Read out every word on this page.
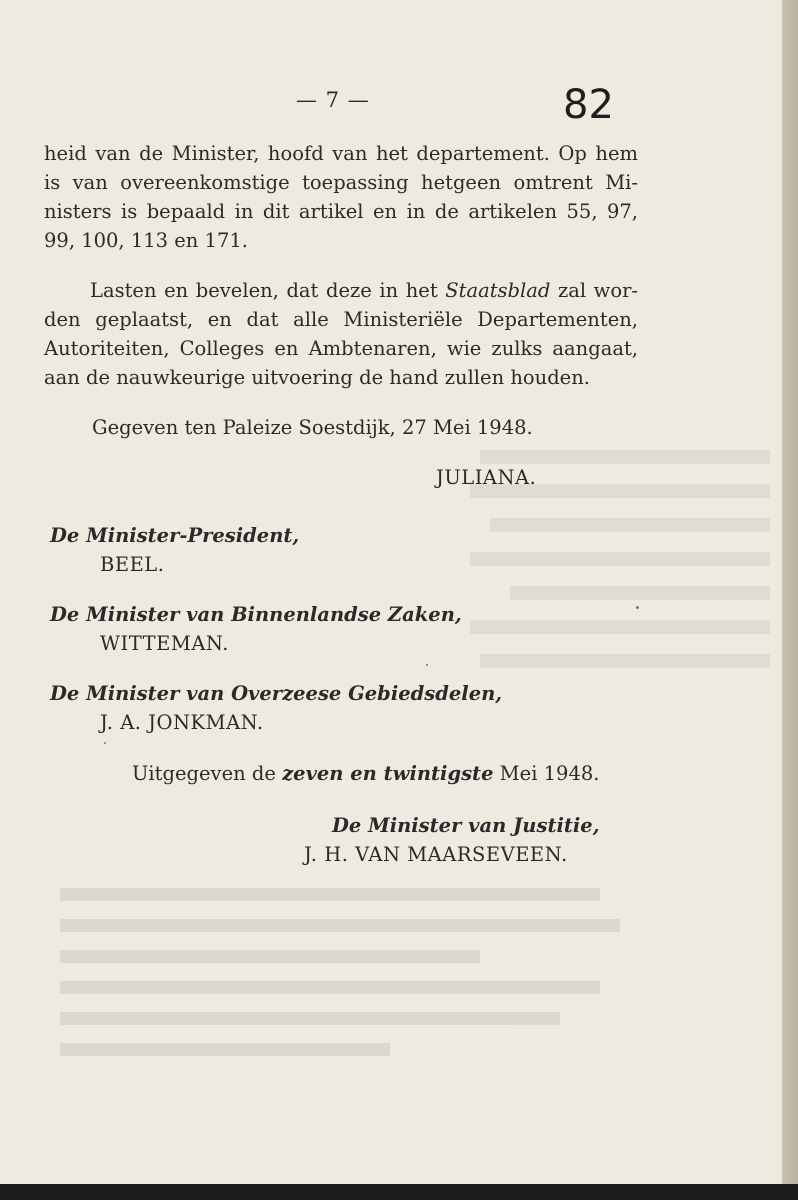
— 7 —	82
heid van de Minister, hoofd van het departement. Op hem
is van overeenkomstige toepassing hetgeen omtrent Mi-
nisters is bepaald in dit artikel en in de artikelen 55, 97,
99, 100, 113 en 171.
Lasten en bevelen, dat deze in het Staatsblad zal wor-
den geplaatst, en dat alle Ministeriële Departementen,
Autoriteiten, Colleges en Ambtenaren, wie zulks aangaat,
aan de nauwkeurige uitvoering de hand zullen houden.
Gegeven ten Paleize Soestdijk, 27 Mei 1948.
JULIANA.
De Minister-President,
BEEL.
De Minister van Binnenlandse Zaken,
WITTEMAN.
De Minister van Overzeese Gebiedsdelen,
J. A. JONKMAN.
Uitgegeven de zeven en twintigste Mei 1948.
De Minister van Justitie,
J. H. VAN MAARSEVEEN.
